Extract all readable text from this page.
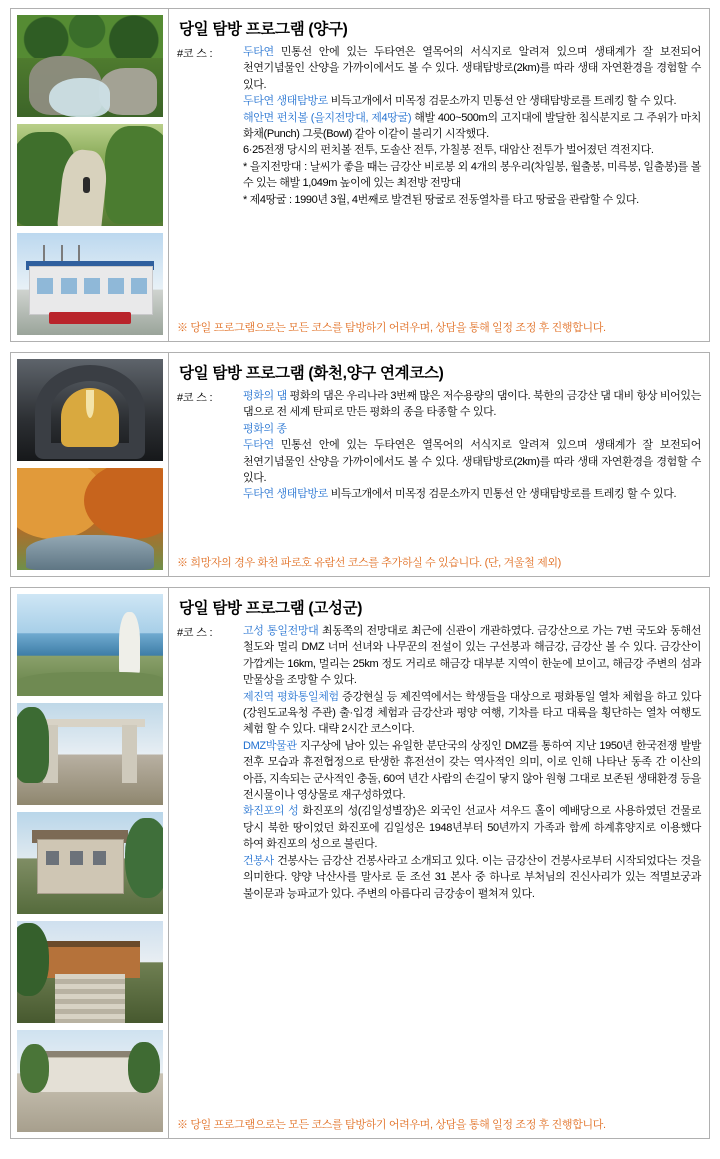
당일 탐방 프로그램 (양구)
#코 스 :	두타연 민통선 안에 있는 두타연은 열목어의 서식지로 알려져 있으며 생태계가 잘 보전되어 천연기념물인 산양을 가까이에서도 볼 수 있다. 생태탐방로(2km)를 따라 생태 자연환경을 경험할 수 있다.

두타연 생태탐방로 비득고개에서 미목정 검문소까지 민통선 안 생태탐방로를 트레킹 할 수 있다.

해안면 펀치볼 (을지전망대, 제4땅굴) 해발 400~500m의 고지대에 발달한 침식분지로 그 주위가 마치 화채(Punch) 그릇(Bowl) 같아 이같이 불리기 시작했다.

6·25전쟁 당시의 펀치볼 전투, 도솔산 전투, 가칠봉 전투, 대암산 전투가 벌어졌던 격전지다.

* 을지전망대 : 날씨가 좋을 때는 금강산 비로봉 외 4개의 봉우리(차일봉, 월출봉, 미륵봉, 일출봉)를 볼 수 있는 해발 1,049m 높이에 있는 최전방 전망대

* 제4땅굴 : 1990년 3월, 4번째로 발견된 땅굴로 전동열차를 타고 땅굴을 관람할 수 있다.

※ 당일 프로그램으로는 모든 코스를 탐방하기 어려우며, 상담을 통해 일정 조정 후 진행합니다.
당일 탐방 프로그램 (화천,양구 연계코스)
#코 스 :	평화의 댐 평화의 댐은 우리나라 3번째 많은 저수용량의 댐이다. 북한의 금강산 댐 대비 항상 비어있는 댐으로 전 세계 탄피로 만든 평화의 종을 타종할 수 있다.

평화의 종

두타연 민통선 안에 있는 두타연은 열목어의 서식지로 알려져 있으며 생태계가 잘 보전되어 천연기념물인 산양을 가까이에서도 볼 수 있다. 생태탐방로(2km)를 따라 생태 자연환경을 경험할 수 있다.

두타연 생태탐방로 비득고개에서 미목정 검문소까지 민통선 안 생태탐방로를 트레킹 할 수 있다.

※ 희망자의 경우 화천 파로호 유람선 코스를 추가하실 수 있습니다. (단, 겨울철 제외)
당일 탐방 프로그램 (고성군)
#코 스 :	고성 통일전망대 최동쪽의 전망대로 최근에 신관이 개관하였다. 금강산으로 가는 7번 국도와 동해선 철도와 멀리 DMZ 너머 선녀와 나무꾼의 전설이 있는 구선봉과 해금강, 금강산 볼 수 있다. 금강산이 가깝게는 16km, 멀리는 25km 정도 거리로 해금강 대부분 지역이 한눈에 보이고, 해금강 주변의 섬과 만물상을 조망할 수 있다.

제진역 평화통일체험 증강현실 등 제진역에서는 학생들을 대상으로 평화통일 열차 체험을 하고 있다(강원도교육청 주관) 출·입경 체험과 금강산과 평양 여행, 기차를 타고 대륙을 횡단하는 열차 여행도 체험 할 수 있다. 대략 2시간 코스이다.

DMZ박물관 지구상에 남아 있는 유일한 분단국의 상징인 DMZ를 통하여 지난 1950년 한국전쟁 발발 전후 모습과 휴전협정으로 탄생한 휴전선이 갖는 역사적인 의미, 이로 인해 나타난 동족 간 이산의 아픔, 지속되는 군사적인 충돌, 60여 년간 사람의 손길이 닿지 않아 원형 그대로 보존된 생태환경 등을 전시물이나 영상물로 재구성하였다.

화진포의 성 화진포의 성(김일성별장)은 외국인 선교사 셔우드 홀이 예배당으로 사용하였던 건물로 당시 북한 땅이었던 화진포에 김일성은 1948년부터 50년까지 가족과 함께 하계휴양지로 이용했다 하여 화진포의 성으로 불린다.

건봉사 건봉사는 금강산 건봉사라고 소개되고 있다. 이는 금강산이 건봉사로부터 시작되었다는 것을 의미한다. 양양 낙산사를 말사로 둔 조선 31 본사 중 하나로 부처님의 진신사리가 있는 적멸보궁과 불이문과 능파교가 있다. 주변의 아름다리 금강송이 펼쳐져 있다.

※ 당일 프로그램으로는 모든 코스를 탐방하기 어려우며, 상담을 통해 일정 조정 후 진행합니다.
